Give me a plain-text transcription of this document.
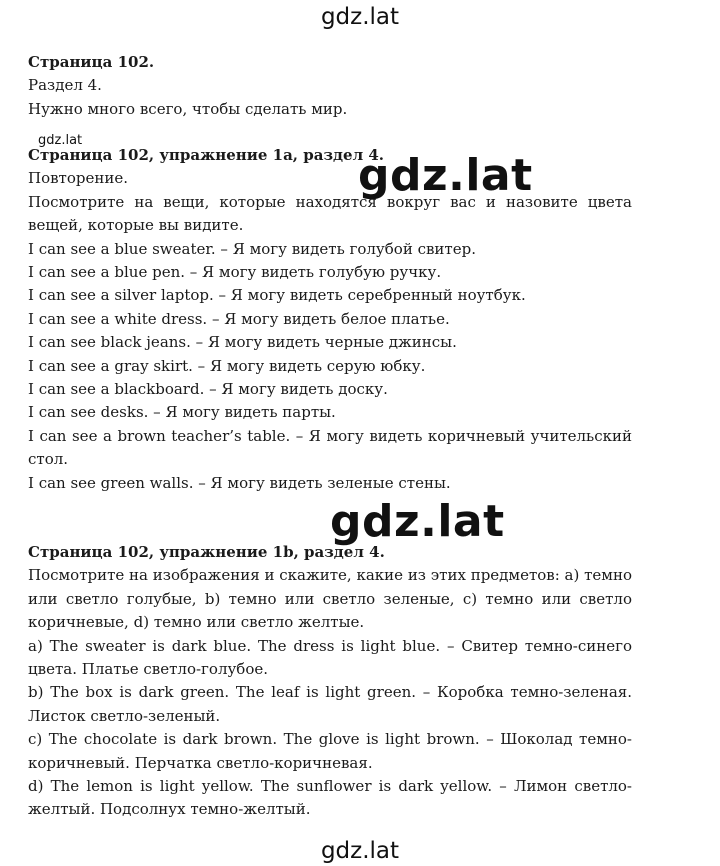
gdz.lat
gdz.lat
gdz.lat
gdz.lat
gdz.lat
Страница 102.
Раздел 4.
Нужно много всего, чтобы сделать мир.
Страница 102, упражнение 1а, раздел 4.
Повторение.
Посмотрите на вещи, которые находятся вокруг вас и назовите цвета вещей, которые вы видите.
I can see a blue sweater. – Я могу видеть голубой свитер.
I can see a blue pen. – Я могу видеть голубую ручку.
I can see a silver laptop. – Я могу видеть серебренный ноутбук.
I can see a white dress. – Я могу видеть белое платье.
I can see black jeans. – Я могу видеть черные джинсы.
I can see a gray skirt. – Я могу видеть серую юбку.
I can see a blackboard. – Я могу видеть доску.
I can see desks. – Я могу видеть парты.
I can see a brown teacher’s table. – Я могу видеть коричневый учительский стол.
I can see green walls. – Я могу видеть зеленые стены.
Страница 102, упражнение 1b, раздел 4.
Посмотрите на изображения и скажите, какие из этих предметов: а) темно или светло голубые, b) темно или светло зеленые, с) темно или светло коричневые, d) темно или светло желтые.
a) The sweater is dark blue. The dress is light blue. – Свитер темно-синего цвета. Платье светло-голубое.
b) The box is dark green. The leaf is light green. – Коробка темно-зеленая. Листок светло-зеленый.
c) The chocolate is dark brown. The glove is light brown. – Шоколад темно-коричневый. Перчатка светло-коричневая.
d) The lemon is light yellow. The sunflower is dark yellow. – Лимон светло-желтый. Подсолнух темно-желтый.
